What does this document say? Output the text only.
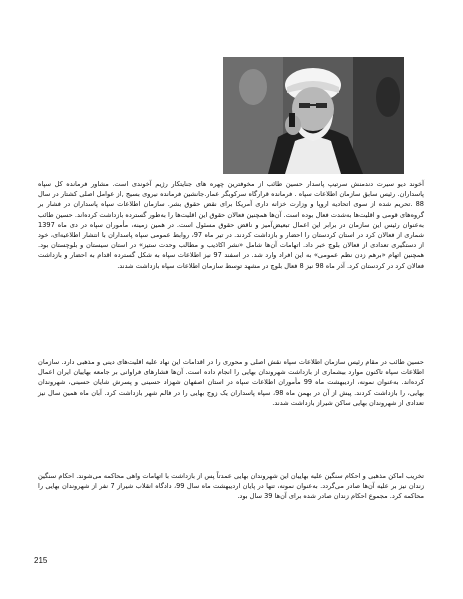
آخوند دیو سیرت دندمنش سرتیپ پاسدار حسین طائب از مخوفترین چهره های جنایتکار رژیم آخوندی است. مشاور فرمانده کل سپاه پاسداران. رئیس سابق سازمان اطلاعات سپاه . فرمانده قرارگاه سرکوبگر عمار.جانشین فرمانده نیروی بسیج ,از عوامل اصلی کشتار در سال 88 .تحریم شده از سوی اتحادیه اروپا و وزارت خزانه داری آمریکا برای نقض حقوق بشر. سازمان اطلاعات سپاه پاسداران در فشار بر گروه‌های قومی و اقلیت‌ها به‌شدت فعال بوده است. آن‌ها همچنین فعالان حقوق این اقلیت‌ها را به‌طور گسترده بازداشت کرده‌اند. حسین طائب به‌عنوان رئیس این سازمان در برابر این اعمال تبعیض‌آمیز و ناقض حقوق مسئول است. در همین زمینه، مأموران سپاه در دی ماه 1397 شماری از فعالان کرد در استان کردستان را احضار و بازداشت کردند. در تیر ماه 97، روابط عمومی سپاه پاسداران با انتشار اطلاعیه‌ای، خود از دستگیری تعدادی از فعالان بلوچ خبر داد. اتهامات آن‌ها شامل «نشر اکاذیب و مطالب وحدت ستیز» در استان سیستان و بلوچستان بود. همچنین اتهام «برهم زدن نظم عمومی» به این افراد وارد شد. در اسفند 97 نیز اطلاعات سپاه به شکل گسترده اقدام به احضار و بازداشت فعالان کرد در کردستان کرد. آذر ماه 98 نیز 8 فعال بلوچ در مشهد توسط سازمان اطلاعات سپاه بازداشت شدند.

حسین طائب در مقام رئیس سازمان اطلاعات سپاه نقش اصلی و محوری را در اقدامات این نهاد علیه اقلیت‌های دینی و مذهبی دارد. سازمان اطلاعات سپاه تاکنون موارد بیشماری از بازداشت شهروندان بهایی را انجام داده است. آن‌ها فشارهای فراوانی بر جامعه بهاییان ایران اعمال کرده‌اند. به‌عنوان نمونه، اردیبهشت ماه 99 مأموران اطلاعات سپاه در استان اصفهان شهزاد حسینی و پسرش شایان حسینی، شهروندان بهایی، را بازداشت کردند. پیش از آن در بهمن ماه 98، سپاه پاسداران یک زوج بهایی را در فالم شهر بازداشت کرد. آبان ماه همین سال نیز تعدادی از شهروندان بهایی ساکن شیراز بازداشت شدند.

تخریب اماکن مذهبی و احکام سنگین علیه بهاییان این شهروندان بهایی عمدتاً پس از بازداشت با اتهامات واهی محاکمه می‌شوند. احکام سنگین زندان نیز بر علیه آن‌ها صادر می‌گردد. به‌عنوان نمونه، تنها در پایان اردیبهشت ماه سال 99، دادگاه انقلاب شیراز 7 نفر از شهروندان بهایی را محاکمه کرد. مجموع احکام زندان صادر شده برای آن‌ها 39 سال بود.

215
